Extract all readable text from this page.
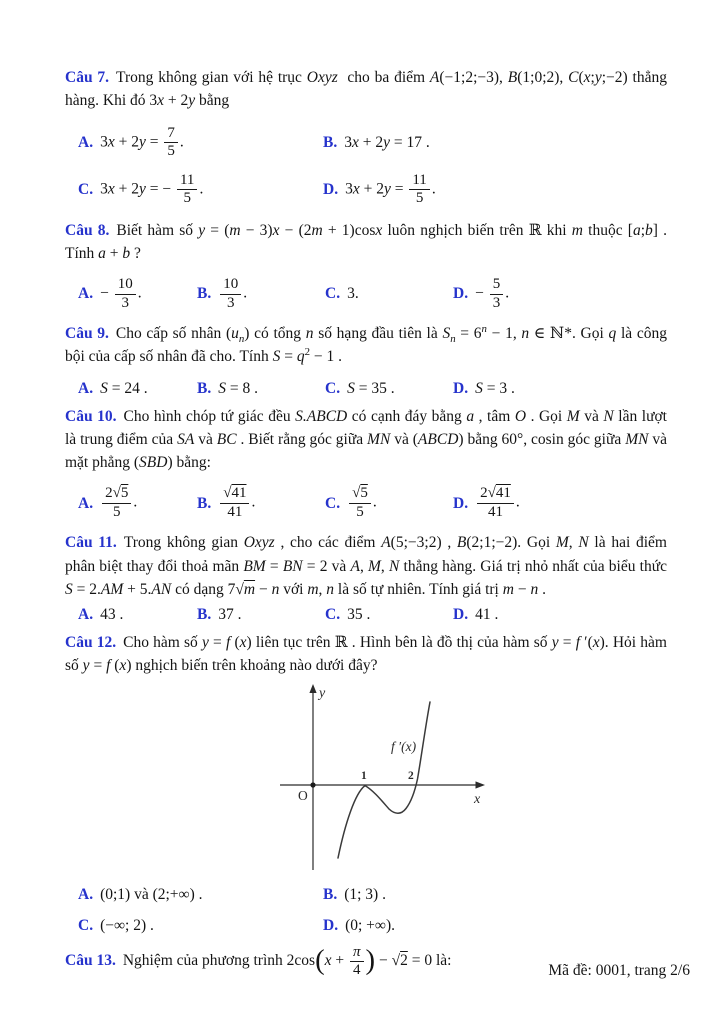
Câu 7. Trong không gian với hệ trục Oxyz  cho ba điểm A(−1;2;−3), B(1;0;2), C(x;y;−2) thẳng hàng. Khi đó 3x + 2y bằng

A. $3x + 2y = \frac{7}{5}$ .	B. 3x + 2y = 17 .
C. 3x + 2y = − $\frac{11}{5}$ .	D. $3x + 2y = \frac{11}{5}$ .

Câu 8. Biết hàm số y = (m − 3)x − (2m + 1)cosx luôn nghịch biến trên ℝ khi m thuộc [a;b] . Tính a + b ?

A. − $\frac{10}{3}$ .	B. $\frac{10}{3}$ .	C. 3.	D. − $\frac{5}{3}$ .

Câu 9. Cho cấp số nhân $(u_n)$ có tổng n số hạng đầu tiên là $S_n = 6^n - 1$, n ∈ ℕ*. Gọi q là công bội của cấp số nhân đã cho. Tính $S = q^2 - 1$ .

A. S = 24 .	B. S = 8 .	C. S = 35 .	D. S = 3 .

Câu 10. Cho hình chóp tứ giác đều S.ABCD có cạnh đáy bằng a , tâm O . Gọi M và N lần lượt là trung điểm của SA và BC . Biết rằng góc giữa MN và (ABCD) bằng 60°, cosin góc giữa MN và mặt phẳng (SBD) bằng:

A. $\frac{2√5}{5}$ .	B. $\frac{√41}{41}$ .	C. $\frac{√5}{5}$ .	D. $\frac{2√41}{41}$ .

Câu 11. Trong không gian Oxyz , cho các điểm A(5;−3;2) , B(2;1;−2). Gọi M, N là hai điểm phân biệt thay đổi thoả mãn BM = BN = 2 và A, M, N thẳng hàng. Giá trị nhỏ nhất của biểu thức S = 2.AM + 5.AN có dạng 7√m − n với m, n là số tự nhiên. Tính giá trị m − n .

A. 43 .	B. 37 .	C. 35 .	D. 41 .

Câu 12. Cho hàm số y = f (x) liên tục trên ℝ . Hình bên là đồ thị của hàm số y = f ′(x). Hỏi hàm số y = f (x) nghịch biến trên khoảng nào dưới đây?

y
x
O
1	2
f ′(x)
A. (0;1) và (2;+∞) .	B. (1; 3) .
C. (−∞; 2) .	D. (0; +∞).

Câu 13. Nghiệm của phương trình $2\cos(x + \frac{\pi}{4}$ ) − √2 = 0 là:

Mã đề: 0001, trang 2/6
